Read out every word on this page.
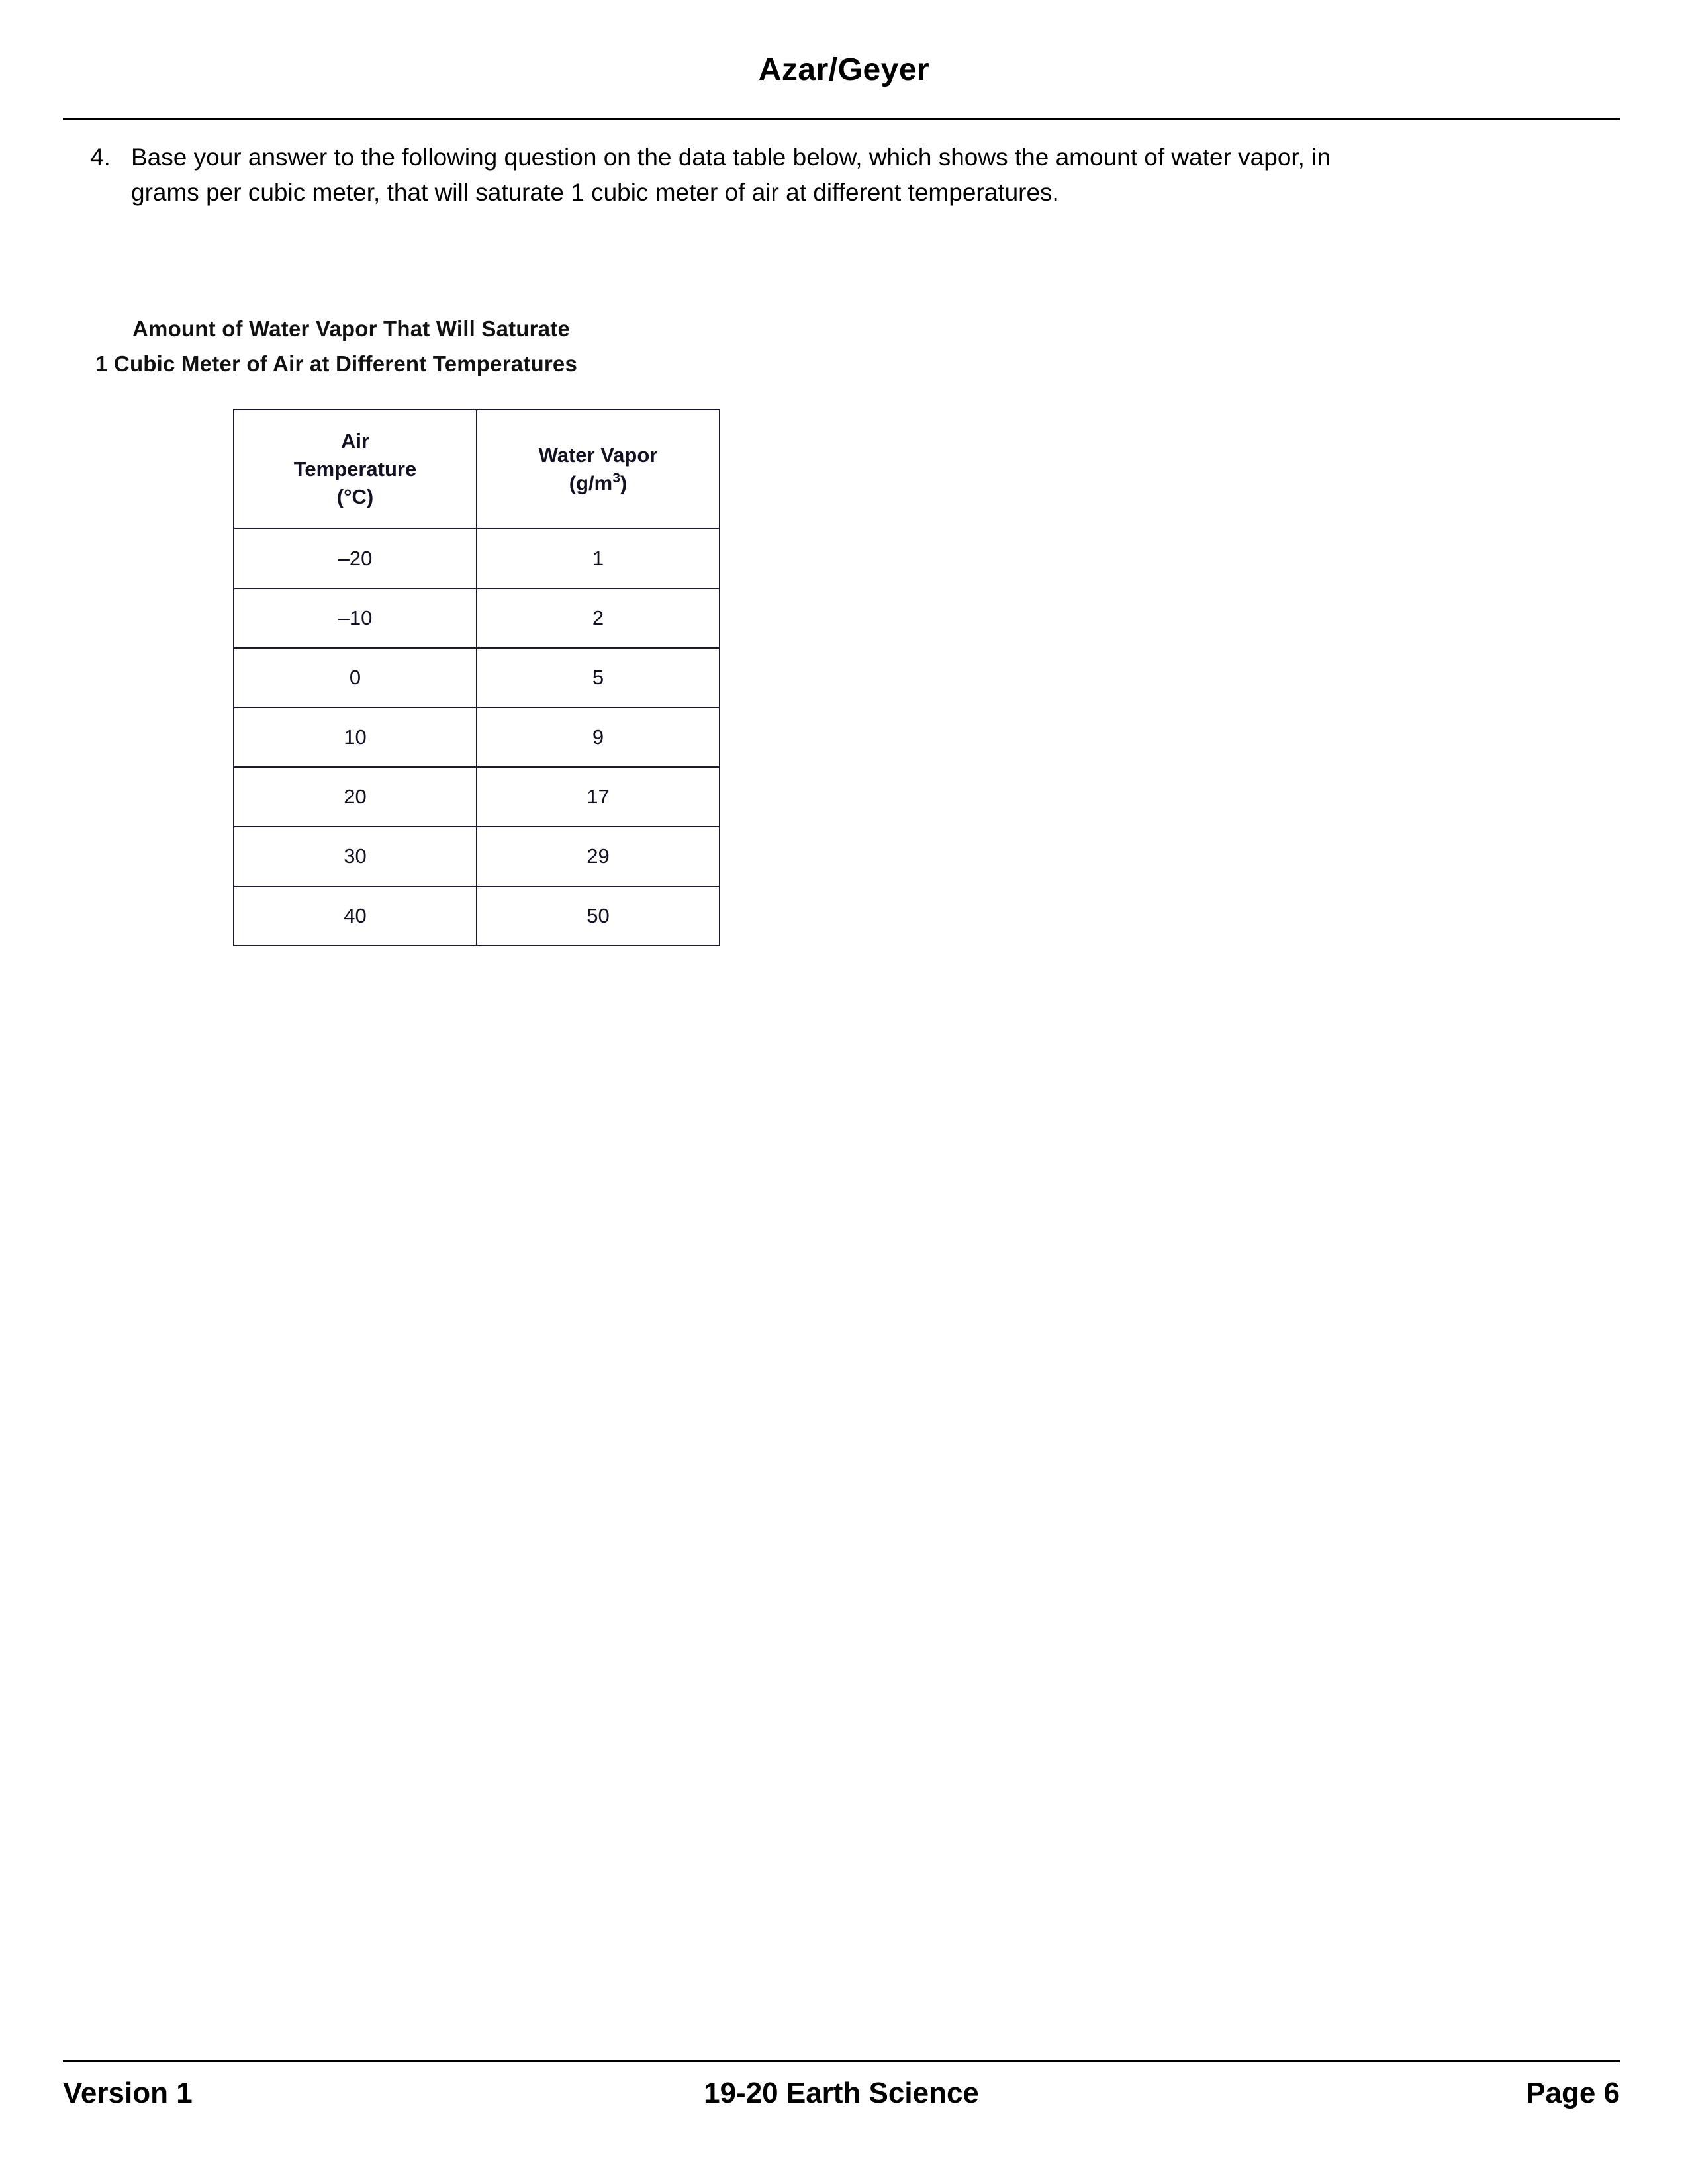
Azar/Geyer
4. Base your answer to the following question on the data table below, which shows the amount of water vapor, in grams per cubic meter, that will saturate 1 cubic meter of air at different temperatures.
Amount of Water Vapor That Will Saturate
1 Cubic Meter of Air at Different Temperatures
Air
Temperature
(°C)

Water Vapor
$(g/m^3)$

–20	1
–10	2
0	5
10	9
20	17
30	29
40	50
Version 1	19-20 Earth Science	Page 6
